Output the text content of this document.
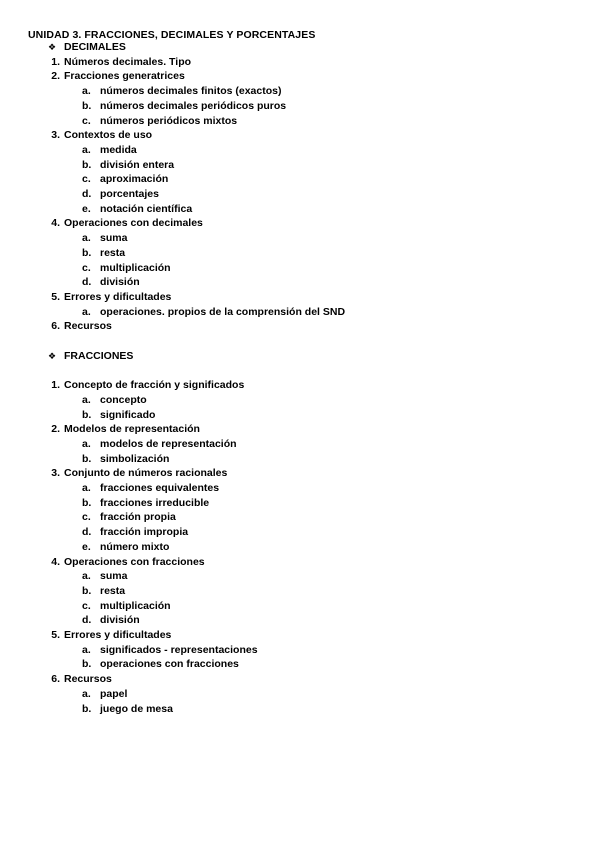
UNIDAD 3. FRACCIONES, DECIMALES Y PORCENTAJES
❖ DECIMALES
1. Números decimales. Tipo
2. Fracciones generatrices
a. números decimales finitos (exactos)
b. números decimales periódicos puros
c. números periódicos mixtos
3. Contextos de uso
a. medida
b. división entera
c. aproximación
d. porcentajes
e. notación científica
4. Operaciones con decimales
a. suma
b. resta
c. multiplicación
d. división
5. Errores y dificultades
a. operaciones. propios de la comprensión del SND
6. Recursos
❖ FRACCIONES
1. Concepto de fracción y significados
a. concepto
b. significado
2. Modelos de representación
a. modelos de representación
b. simbolización
3. Conjunto de números racionales
a. fracciones equivalentes
b. fracciones irreducible
c. fracción propia
d. fracción impropia
e. número mixto
4. Operaciones con fracciones
a. suma
b. resta
c. multiplicación
d. división
5. Errores y dificultades
a. significados - representaciones
b. operaciones con fracciones
6. Recursos
a. papel
b. juego de mesa
